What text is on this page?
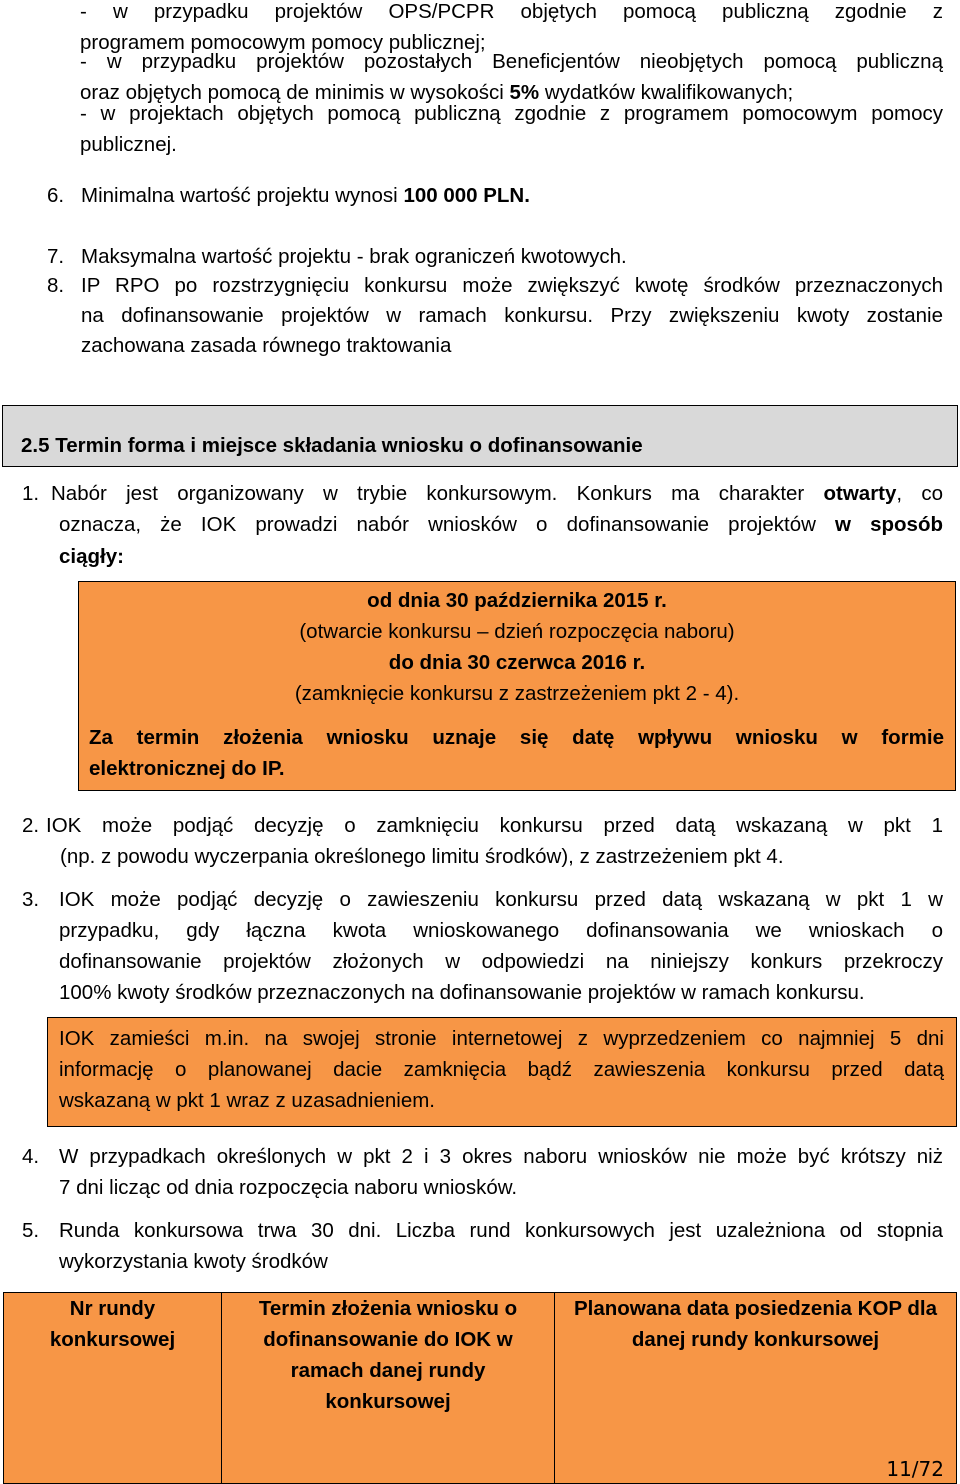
- w przypadku projektów OPS/PCPR objętych pomocą publiczną zgodnie z
programem pomocowym pomocy publicznej;
- w przypadku projektów pozostałych Beneficjentów nieobjętych pomocą publiczną
oraz objętych pomocą de minimis w wysokości 5% wydatków kwalifikowanych;
- w projektach objętych pomocą publiczną zgodnie z programem pomocowym pomocy
publicznej.
6. Minimalna wartość projektu wynosi 100 000 PLN.
7. Maksymalna wartość projektu - brak ograniczeń kwotowych.
8. IP RPO po rozstrzygnięciu konkursu może zwiększyć kwotę środków przeznaczonych
na dofinansowanie projektów w ramach konkursu. Przy zwiększeniu kwoty zostanie
zachowana zasada równego traktowania
2.5 Termin forma i miejsce składania wniosku o dofinansowanie
1. Nabór jest organizowany w trybie konkursowym. Konkurs ma charakter otwarty, co
oznacza, że IOK prowadzi nabór wniosków o dofinansowanie projektów w sposób
ciągły:
od dnia 30 października 2015 r.
(otwarcie konkursu – dzień rozpoczęcia naboru)
do dnia 30 czerwca 2016 r.
(zamknięcie konkursu z zastrzeżeniem pkt 2 - 4).
Za termin złożenia wniosku uznaje się datę wpływu wniosku w formie
elektronicznej do IP.
2. IOK może podjąć decyzję o zamknięciu konkursu przed datą wskazaną w pkt 1
(np. z powodu wyczerpania określonego limitu środków), z zastrzeżeniem pkt 4.
3. IOK może podjąć decyzję o zawieszeniu konkursu przed datą wskazaną w pkt 1 w
przypadku, gdy łączna kwota wnioskowanego dofinansowania we wnioskach o
dofinansowanie projektów złożonych w odpowiedzi na niniejszy konkurs przekroczy
100% kwoty środków przeznaczonych na dofinansowanie projektów w ramach konkursu.
IOK zamieści m.in. na swojej stronie internetowej z wyprzedzeniem co najmniej 5 dni
informację o planowanej dacie zamknięcia bądź zawieszenia konkursu przed datą
wskazaną w pkt 1 wraz z uzasadnieniem.
4. W przypadkach określonych w pkt 2 i 3 okres naboru wniosków nie może być krótszy niż
7 dni licząc od dnia rozpoczęcia naboru wniosków.
5. Runda konkursowa trwa 30 dni. Liczba rund konkursowych jest uzależniona od stopnia
wykorzystania kwoty środków
Nr rundy konkursowej	Termin złożenia wniosku o dofinansowanie do IOK w ramach danej rundy konkursowej	Planowana data posiedzenia KOP dla danej rundy konkursowej
11/72
